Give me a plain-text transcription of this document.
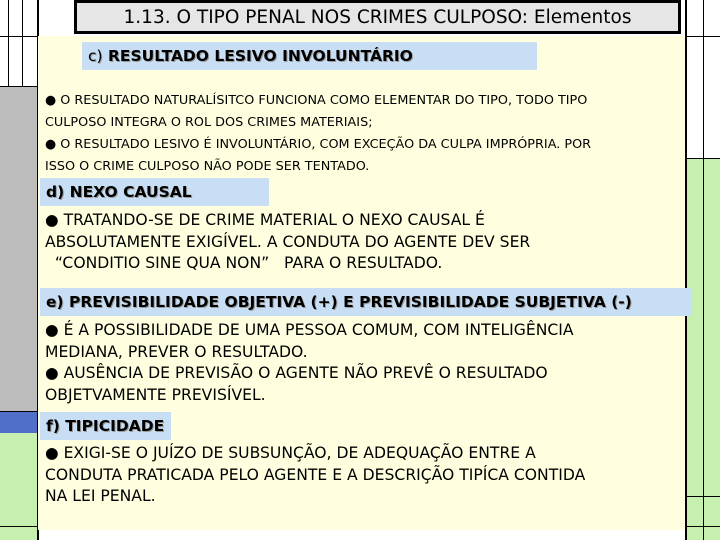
1.13. O TIPO PENAL NOS CRIMES CULPOSO: Elementos
c) RESULTADO LESIVO INVOLUNTÁRIO
● O RESULTADO NATURALÍSITCO FUNCIONA COMO ELEMENTAR DO TIPO, TODO TIPO
CULPOSO INTEGRA O ROL DOS CRIMES MATERIAIS;
● O RESULTADO LESIVO É INVOLUNTÁRIO, COM EXCEÇÃO DA CULPA IMPRÓPRIA. POR
ISSO O CRIME CULPOSO NÃO PODE SER TENTADO.
d) NEXO CAUSAL
● TRATANDO-SE DE CRIME MATERIAL O NEXO CAUSAL É
ABSOLUTAMENTE EXIGÍVEL. A CONDUTA DO AGENTE DEV SER
“CONDITIO SINE QUA NON”   PARA O RESULTADO.
e) PREVISIBILIDADE OBJETIVA (+) E PREVISIBILIDADE SUBJETIVA (-)
● É A POSSIBILIDADE DE UMA PESSOA COMUM, COM INTELIGÊNCIA
MEDIANA, PREVER O RESULTADO.
● AUSÊNCIA DE PREVISÃO O AGENTE NÃO PREVÊ O RESULTADO
OBJETVAMENTE PREVISÍVEL.
f) TIPICIDADE
● EXIGI-SE O JUÍZO DE SUBSUNÇÃO, DE ADEQUAÇÃO ENTRE A
CONDUTA PRATICADA PELO AGENTE E A DESCRIÇÃO TIPÍCA CONTIDA
NA LEI PENAL.
